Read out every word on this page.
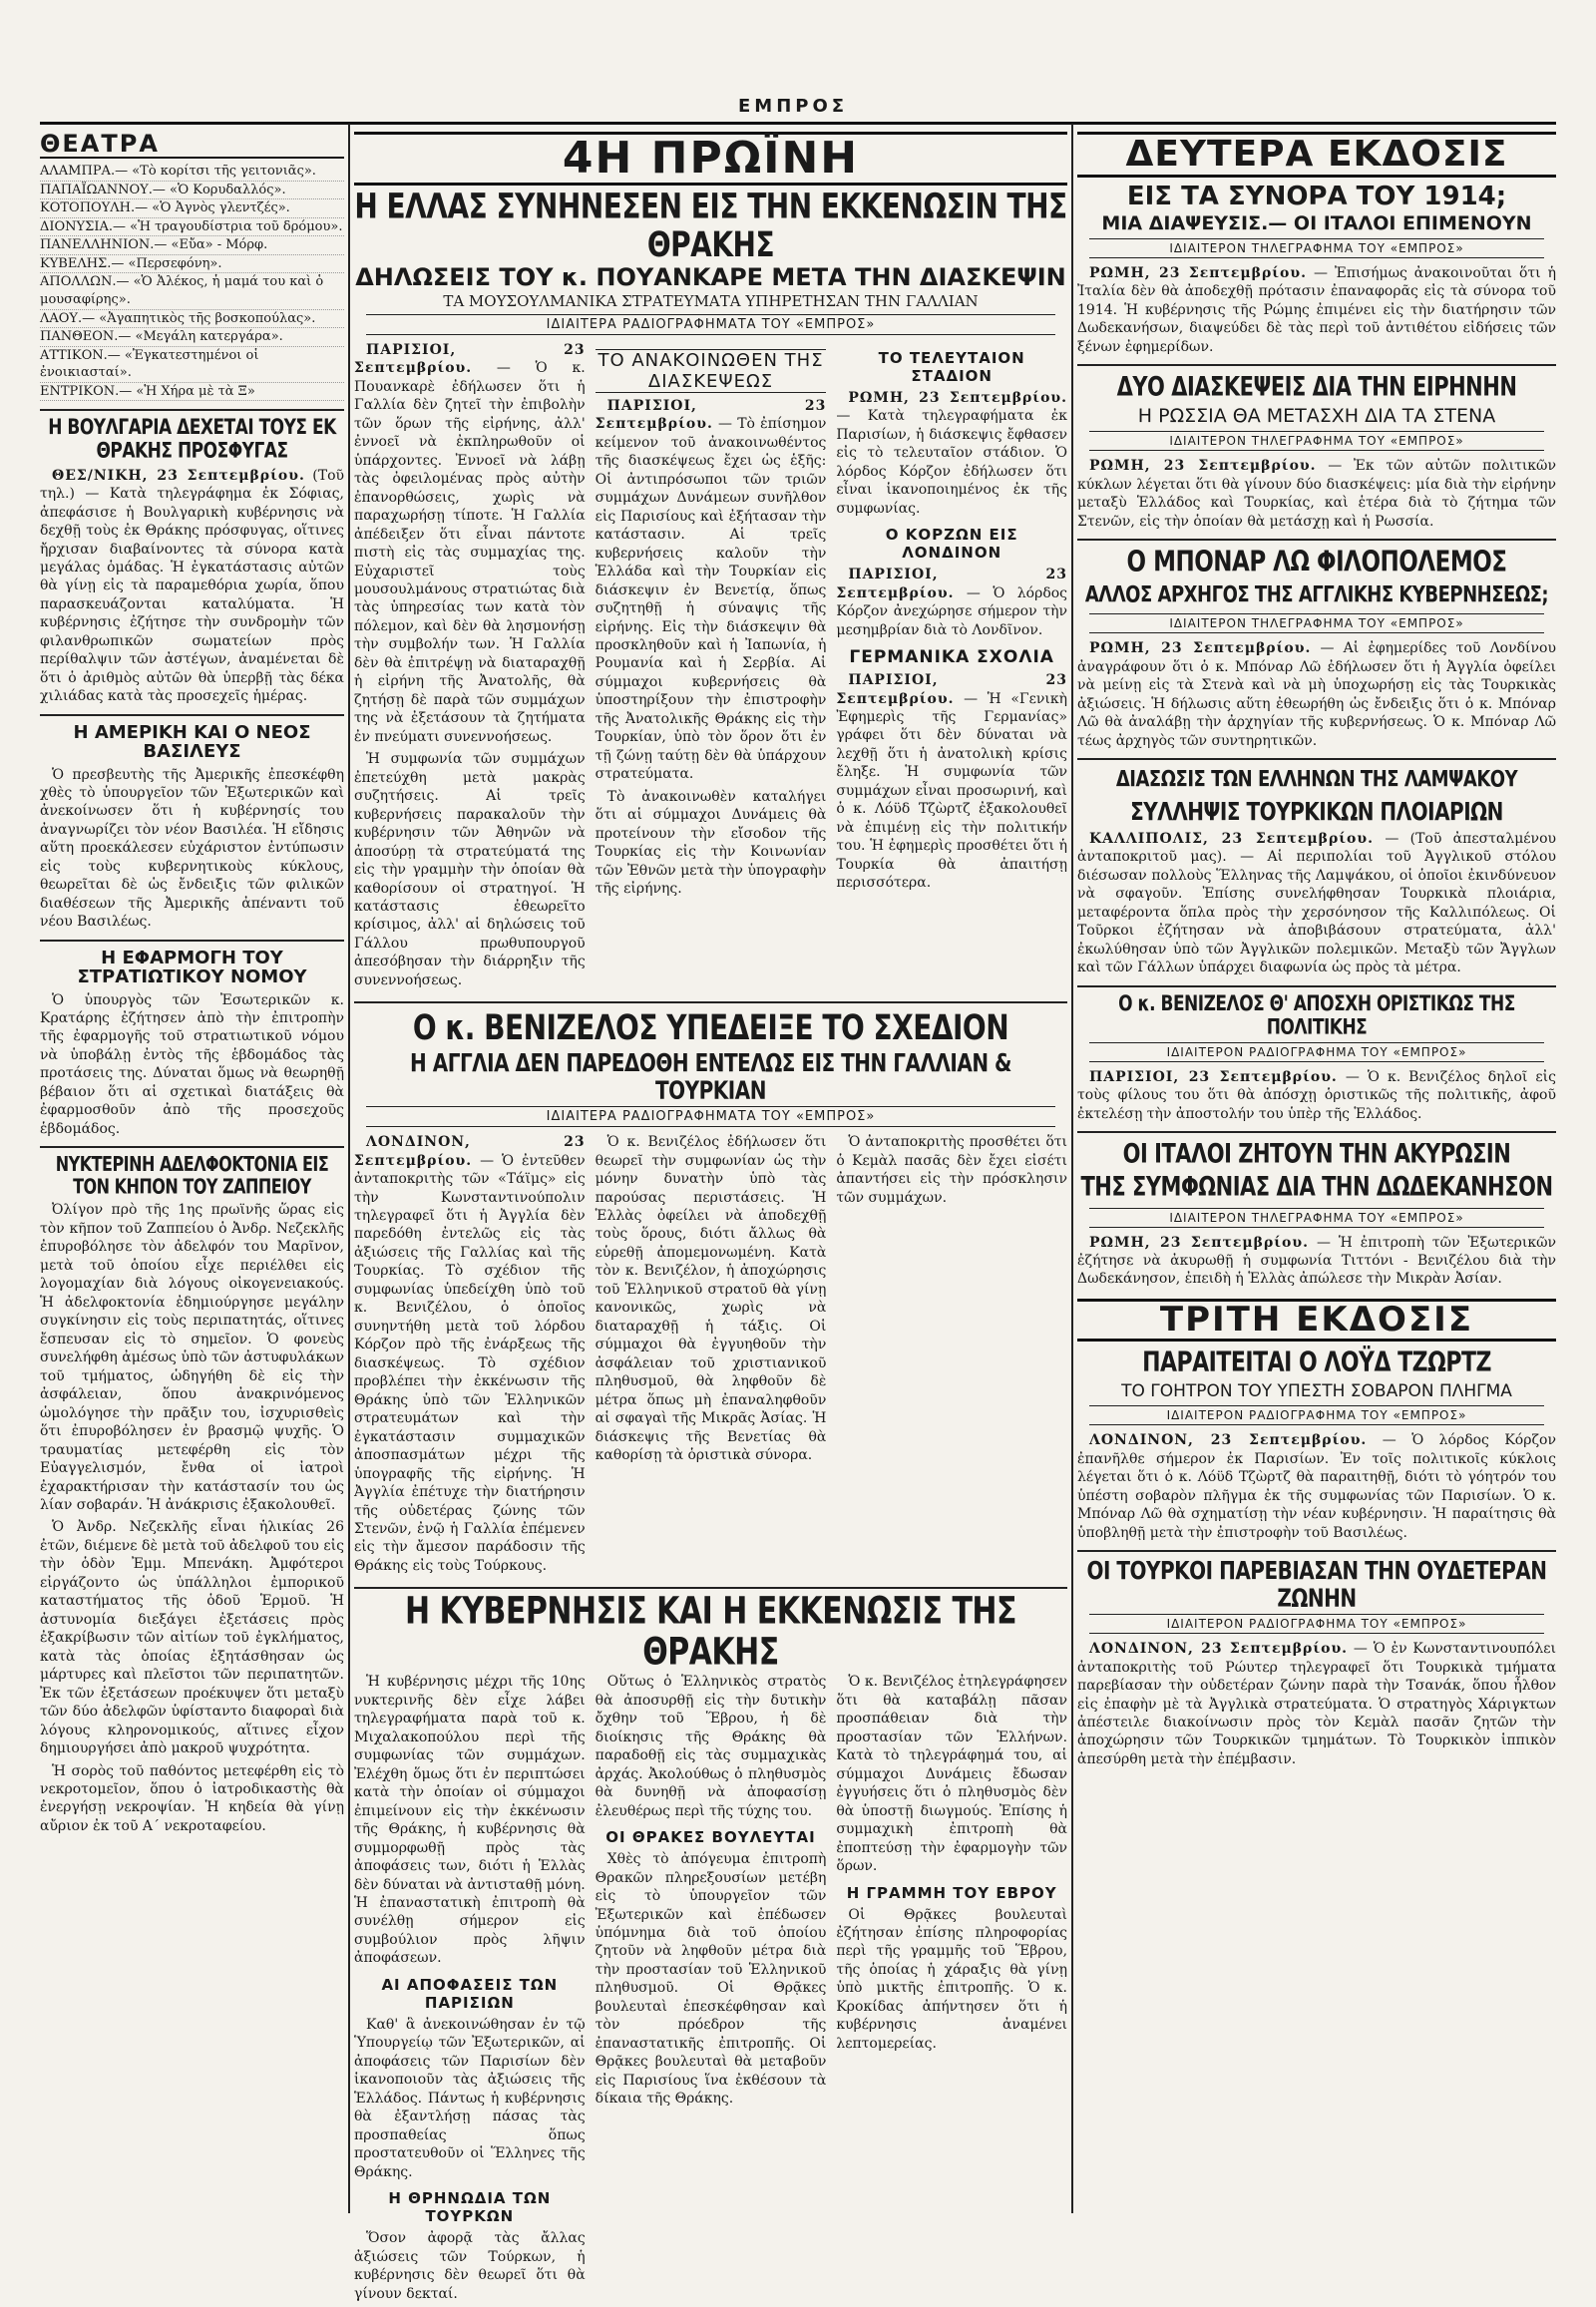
ΕΜΠΡΟΣ
ΘΕΑΤΡΑ
ΑΛΑΜΠΡΑ.— «Τὸ κορίτσι τῆς γειτονιᾶς».
ΠΑΠΑΪΩΑΝΝΟΥ.— «Ὁ Κορυδαλλός».
ΚΟΤΟΠΟΥΛΗ.— «Ὁ Ἀγνὸς γλεντζές».
ΔΙΟΝΥΣΙΑ.— «Ἡ τραγουδίστρια τοῦ δρόμου».
ΠΑΝΕΛΛΗΝΙΟΝ.— «Εὔα» - Μόρφ.
ΚΥΒΕΛΗΣ.— «Περσεφόνη».
ΑΠΟΛΛΩΝ.— «Ὁ Ἀλέκος, ἡ μαμά του καὶ ὁ μουσαφίρης».
ΛΑΟΥ.— «Ἀγαπητικὸς τῆς βοσκοπούλας».
ΠΑΝΘΕΟΝ.— «Μεγάλη κατεργάρα».
ΑΤΤΙΚΟΝ.— «Ἐγκατεστημένοι οἱ ἐνοικιασταί».
ΕΝΤΡΙΚΟΝ.— «Ἡ Χήρα μὲ τὰ Ξ»
Η ΒΟΥΛΓΑΡΙΑ ΔΕΧΕΤΑΙ ΤΟΥΣ ΕΚ ΘΡΑΚΗΣ ΠΡΟΣΦΥΓΑΣ

ΘΕΣ/ΝΙΚΗ, 23 Σεπτεμβρίου. (Τοῦ τηλ.) — Κατὰ τηλεγράφημα ἐκ Σόφιας, ἀπεφάσισε ἡ Βουλγαρικὴ κυβέρνησις νὰ δεχθῇ τοὺς ἐκ Θράκης πρόσφυγας, οἵτινες ἤρχισαν διαβαίνοντες τὰ σύνορα κατὰ μεγάλας ὁμάδας. Ἡ ἐγκατάστασις αὐτῶν θὰ γίνῃ εἰς τὰ παραμεθόρια χωρία, ὅπου παρασκευάζονται καταλύματα. Ἡ κυβέρνησις ἐζήτησε τὴν συνδρομὴν τῶν φιλανθρωπικῶν σωματείων πρὸς περίθαλψιν τῶν ἀστέγων, ἀναμένεται δὲ ὅτι ὁ ἀριθμὸς αὐτῶν θὰ ὑπερβῇ τὰς δέκα χιλιάδας κατὰ τὰς προσεχεῖς ἡμέρας.

Η ΑΜΕΡΙΚΗ ΚΑΙ Ο ΝΕΟΣ ΒΑΣΙΛΕΥΣ

Ὁ πρεσβευτὴς τῆς Ἀμερικῆς ἐπεσκέφθη χθὲς τὸ ὑπουργεῖον τῶν Ἐξωτερικῶν καὶ ἀνεκοίνωσεν ὅτι ἡ κυβέρνησίς του ἀναγνωρίζει τὸν νέον Βασιλέα. Ἡ εἴδησις αὕτη προεκάλεσεν εὐχάριστον ἐντύπωσιν εἰς τοὺς κυβερνητικοὺς κύκλους, θεωρεῖται δὲ ὡς ἔνδειξις τῶν φιλικῶν διαθέσεων τῆς Ἀμερικῆς ἀπέναντι τοῦ νέου Βασιλέως.

Η ΕΦΑΡΜΟΓΗ ΤΟΥ ΣΤΡΑΤΙΩΤΙΚΟΥ ΝΟΜΟΥ

Ὁ ὑπουργὸς τῶν Ἐσωτερικῶν κ. Κρατάρης ἐζήτησεν ἀπὸ τὴν ἐπιτροπὴν τῆς ἐφαρμογῆς τοῦ στρατιωτικοῦ νόμου νὰ ὑποβάλῃ ἐντὸς τῆς ἑβδομάδος τὰς προτάσεις της. Δύναται ὅμως νὰ θεωρηθῇ βέβαιον ὅτι αἱ σχετικαὶ διατάξεις θὰ ἐφαρμοσθοῦν ἀπὸ τῆς προσεχοῦς ἑβδομάδος.

ΝΥΚΤΕΡΙΝΗ ΑΔΕΛΦΟΚΤΟΝΙΑ ΕΙΣ ΤΟΝ ΚΗΠΟΝ ΤΟΥ ΖΑΠΠΕΙΟΥ

Ὀλίγον πρὸ τῆς 1ης πρωϊνῆς ὥρας εἰς τὸν κῆπον τοῦ Ζαππείου ὁ Ἀνδρ. Νεζεκλῆς ἐπυροβόλησε τὸν ἀδελφόν του Μαρῖνον, μετὰ τοῦ ὁποίου εἶχε περιέλθει εἰς λογομαχίαν διὰ λόγους οἰκογενειακούς. Ἡ ἀδελφοκτονία ἐδημιούργησε μεγάλην συγκίνησιν εἰς τοὺς περιπατητάς, οἵτινες ἔσπευσαν εἰς τὸ σημεῖον. Ὁ φονεὺς συνελήφθη ἀμέσως ὑπὸ τῶν ἀστυφυλάκων τοῦ τμήματος, ὡδηγήθη δὲ εἰς τὴν ἀσφάλειαν, ὅπου ἀνακρινόμενος ὡμολόγησε τὴν πρᾶξιν του, ἰσχυρισθεὶς ὅτι ἐπυροβόλησεν ἐν βρασμῷ ψυχῆς. Ὁ τραυματίας μετεφέρθη εἰς τὸν Εὐαγγελισμόν, ἔνθα οἱ ἰατροὶ ἐχαρακτήρισαν τὴν κατάστασίν του ὡς λίαν σοβαράν. Ἡ ἀνάκρισις ἐξακολουθεῖ.

Ὁ Ἀνδρ. Νεζεκλῆς εἶναι ἡλικίας 26 ἐτῶν, διέμενε δὲ μετὰ τοῦ ἀδελφοῦ του εἰς τὴν ὁδὸν Ἐμμ. Μπενάκη. Ἀμφότεροι εἰργάζοντο ὡς ὑπάλληλοι ἐμπορικοῦ καταστήματος τῆς ὁδοῦ Ἑρμοῦ. Ἡ ἀστυνομία διεξάγει ἐξετάσεις πρὸς ἐξακρίβωσιν τῶν αἰτίων τοῦ ἐγκλήματος, κατὰ τὰς ὁποίας ἐξητάσθησαν ὡς μάρτυρες καὶ πλεῖστοι τῶν περιπατητῶν. Ἐκ τῶν ἐξετάσεων προέκυψεν ὅτι μεταξὺ τῶν δύο ἀδελφῶν ὑφίσταντο διαφοραὶ διὰ λόγους κληρονομικούς, αἵτινες εἶχον δημιουργήσει ἀπὸ μακροῦ ψυχρότητα.

Ἡ σορὸς τοῦ παθόντος μετεφέρθη εἰς τὸ νεκροτομεῖον, ὅπου ὁ ἰατροδικαστὴς θὰ ἐνεργήσῃ νεκροψίαν. Ἡ κηδεία θὰ γίνῃ αὔριον ἐκ τοῦ Α΄ νεκροταφείου.

4Η ΠΡΩΪΝΗ
Η ΕΛΛΑΣ ΣΥΝΗΝΕΣΕΝ ΕΙΣ ΤΗΝ ΕΚΚΕΝΩΣΙΝ ΤΗΣ ΘΡΑΚΗΣ
ΔΗΛΩΣΕΙΣ ΤΟΥ κ. ΠΟΥΑΝΚΑΡΕ ΜΕΤΑ ΤΗΝ ΔΙΑΣΚΕΨΙΝ
ΤΑ ΜΟΥΣΟΥΛΜΑΝΙΚΑ ΣΤΡΑΤΕΥΜΑΤΑ ΥΠΗΡΕΤΗΣΑΝ ΤΗΝ ΓΑΛΛΙΑΝ
ΙΔΙΑΙΤΕΡΑ ΡΑΔΙΟΓΡΑΦΗΜΑΤΑ ΤΟΥ «ΕΜΠΡΟΣ»

ΠΑΡΙΣΙΟΙ, 23 Σεπτεμβρίου. — Ὁ κ. Πουανκαρὲ ἐδήλωσεν ὅτι ἡ Γαλλία δὲν ζητεῖ τὴν ἐπιβολὴν τῶν ὅρων τῆς εἰρήνης, ἀλλ' ἐννοεῖ νὰ ἐκπληρωθοῦν οἱ ὑπάρχοντες. Ἐννοεῖ νὰ λάβῃ τὰς ὀφειλομένας πρὸς αὐτὴν ἐπανορθώσεις, χωρὶς νὰ παραχωρήσῃ τίποτε. Ἡ Γαλλία ἀπέδειξεν ὅτι εἶναι πάντοτε πιστὴ εἰς τὰς συμμαχίας της. Εὐχαριστεῖ τοὺς μουσουλμάνους στρατιώτας διὰ τὰς ὑπηρεσίας των κατὰ τὸν πόλεμον, καὶ δὲν θὰ λησμονήσῃ τὴν συμβολήν των. Ἡ Γαλλία δὲν θὰ ἐπιτρέψῃ νὰ διαταραχθῇ ἡ εἰρήνη τῆς Ἀνατολῆς, θὰ ζητήσῃ δὲ παρὰ τῶν συμμάχων της νὰ ἐξετάσουν τὰ ζητήματα ἐν πνεύματι συνεννοήσεως.

Ἡ συμφωνία τῶν συμμάχων ἐπετεύχθη μετὰ μακρὰς συζητήσεις. Αἱ τρεῖς κυβερνήσεις παρακαλοῦν τὴν κυβέρνησιν τῶν Ἀθηνῶν νὰ ἀποσύρῃ τὰ στρατεύματά της εἰς τὴν γραμμὴν τὴν ὁποίαν θὰ καθορίσουν οἱ στρατηγοί. Ἡ κατάστασις ἐθεωρεῖτο κρίσιμος, ἀλλ' αἱ δηλώσεις τοῦ Γάλλου πρωθυπουργοῦ ἀπεσόβησαν τὴν διάρρηξιν τῆς συνεννοήσεως.

ΤΟ ΑΝΑΚΟΙΝΩΘΕΝ ΤΗΣ ΔΙΑΣΚΕΨΕΩΣ

ΠΑΡΙΣΙΟΙ, 23 Σεπτεμβρίου. — Τὸ ἐπίσημον κείμενον τοῦ ἀνακοινωθέντος τῆς διασκέψεως ἔχει ὡς ἑξῆς: Οἱ ἀντιπρόσωποι τῶν τριῶν συμμάχων Δυνάμεων συνῆλθον εἰς Παρισίους καὶ ἐξήτασαν τὴν κατάστασιν. Αἱ τρεῖς κυβερνήσεις καλοῦν τὴν Ἑλλάδα καὶ τὴν Τουρκίαν εἰς διάσκεψιν ἐν Βενετίᾳ, ὅπως συζητηθῇ ἡ σύναψις τῆς εἰρήνης. Εἰς τὴν διάσκεψιν θὰ προσκληθοῦν καὶ ἡ Ἰαπωνία, ἡ Ρουμανία καὶ ἡ Σερβία. Αἱ σύμμαχοι κυβερνήσεις θὰ ὑποστηρίξουν τὴν ἐπιστροφὴν τῆς Ἀνατολικῆς Θράκης εἰς τὴν Τουρκίαν, ὑπὸ τὸν ὅρον ὅτι ἐν τῇ ζώνῃ ταύτῃ δὲν θὰ ὑπάρχουν στρατεύματα.

Τὸ ἀνακοινωθὲν καταλήγει ὅτι αἱ σύμμαχοι Δυνάμεις θὰ προτείνουν τὴν εἴσοδον τῆς Τουρκίας εἰς τὴν Κοινωνίαν τῶν Ἐθνῶν μετὰ τὴν ὑπογραφὴν τῆς εἰρήνης.

ΤΟ ΤΕΛΕΥΤΑΙΟΝ ΣΤΑΔΙΟΝ

ΡΩΜΗ, 23 Σεπτεμβρίου. — Κατὰ τηλεγραφήματα ἐκ Παρισίων, ἡ διάσκεψις ἔφθασεν εἰς τὸ τελευταῖον στάδιον. Ὁ λόρδος Κόρζον ἐδήλωσεν ὅτι εἶναι ἱκανοποιημένος ἐκ τῆς συμφωνίας.

Ο ΚΟΡΖΩΝ ΕΙΣ ΛΟΝΔΙΝΟΝ

ΠΑΡΙΣΙΟΙ, 23 Σεπτεμβρίου. — Ὁ λόρδος Κόρζον ἀνεχώρησε σήμερον τὴν μεσημβρίαν διὰ τὸ Λονδῖνον.

ΓΕΡΜΑΝΙΚΑ ΣΧΟΛΙΑ

ΠΑΡΙΣΙΟΙ, 23 Σεπτεμβρίου. — Ἡ «Γενικὴ Ἐφημερὶς τῆς Γερμανίας» γράφει ὅτι δὲν δύναται νὰ λεχθῇ ὅτι ἡ ἀνατολικὴ κρίσις ἔληξε. Ἡ συμφωνία τῶν συμμάχων εἶναι προσωρινή, καὶ ὁ κ. Λόϋδ Τζὼρτζ ἐξακολουθεῖ νὰ ἐπιμένῃ εἰς τὴν πολιτικήν του. Ἡ ἐφημερὶς προσθέτει ὅτι ἡ Τουρκία θὰ ἀπαιτήσῃ περισσότερα.

Ο κ. ΒΕΝΙΖΕΛΟΣ ΥΠΕΔΕΙΞΕ ΤΟ ΣΧΕΔΙΟΝ
Η ΑΓΓΛΙΑ ΔΕΝ ΠΑΡΕΔΟΘΗ ΕΝΤΕΛΩΣ ΕΙΣ ΤΗΝ ΓΑΛΛΙΑΝ & ΤΟΥΡΚΙΑΝ
ΙΔΙΑΙΤΕΡΑ ΡΑΔΙΟΓΡΑΦΗΜΑΤΑ ΤΟΥ «ΕΜΠΡΟΣ»

ΛΟΝΔΙΝΟΝ, 23 Σεπτεμβρίου. — Ὁ ἐντεῦθεν ἀνταποκριτὴς τῶν «Τάϊμς» εἰς τὴν Κωνσταντινούπολιν τηλεγραφεῖ ὅτι ἡ Ἀγγλία δὲν παρεδόθη ἐντελῶς εἰς τὰς ἀξιώσεις τῆς Γαλλίας καὶ τῆς Τουρκίας. Τὸ σχέδιον τῆς συμφωνίας ὑπεδείχθη ὑπὸ τοῦ κ. Βενιζέλου, ὁ ὁποῖος συνηντήθη μετὰ τοῦ λόρδου Κόρζον πρὸ τῆς ἐνάρξεως τῆς διασκέψεως. Τὸ σχέδιον προβλέπει τὴν ἐκκένωσιν τῆς Θράκης ὑπὸ τῶν Ἑλληνικῶν στρατευμάτων καὶ τὴν ἐγκατάστασιν συμμαχικῶν ἀποσπασμάτων μέχρι τῆς ὑπογραφῆς τῆς εἰρήνης. Ἡ Ἀγγλία ἐπέτυχε τὴν διατήρησιν τῆς οὐδετέρας ζώνης τῶν Στενῶν, ἐνῷ ἡ Γαλλία ἐπέμενεν εἰς τὴν ἄμεσον παράδοσιν τῆς Θράκης εἰς τοὺς Τούρκους.

Ὁ κ. Βενιζέλος ἐδήλωσεν ὅτι θεωρεῖ τὴν συμφωνίαν ὡς τὴν μόνην δυνατὴν ὑπὸ τὰς παρούσας περιστάσεις. Ἡ Ἑλλὰς ὀφείλει νὰ ἀποδεχθῇ τοὺς ὅρους, διότι ἄλλως θὰ εὑρεθῇ ἀπομεμονωμένη. Κατὰ τὸν κ. Βενιζέλον, ἡ ἀποχώρησις τοῦ Ἑλληνικοῦ στρατοῦ θὰ γίνῃ κανονικῶς, χωρὶς νὰ διαταραχθῇ ἡ τάξις. Οἱ σύμμαχοι θὰ ἐγγυηθοῦν τὴν ἀσφάλειαν τοῦ χριστιανικοῦ πληθυσμοῦ, θὰ ληφθοῦν δὲ μέτρα ὅπως μὴ ἐπαναληφθοῦν αἱ σφαγαὶ τῆς Μικρᾶς Ἀσίας. Ἡ διάσκεψις τῆς Βενετίας θὰ καθορίσῃ τὰ ὁριστικὰ σύνορα.

Ὁ ἀνταποκριτὴς προσθέτει ὅτι ὁ Κεμὰλ πασᾶς δὲν ἔχει εἰσέτι ἀπαντήσει εἰς τὴν πρόσκλησιν τῶν συμμάχων.

Η ΚΥΒΕΡΝΗΣΙΣ ΚΑΙ Η ΕΚΚΕΝΩΣΙΣ ΤΗΣ ΘΡΑΚΗΣ

Ἡ κυβέρνησις μέχρι τῆς 10ης νυκτερινῆς δὲν εἶχε λάβει τηλεγραφήματα παρὰ τοῦ κ. Μιχαλακοπούλου περὶ τῆς συμφωνίας τῶν συμμάχων. Ἐλέχθη ὅμως ὅτι ἐν περιπτώσει κατὰ τὴν ὁποίαν οἱ σύμμαχοι ἐπιμείνουν εἰς τὴν ἐκκένωσιν τῆς Θράκης, ἡ κυβέρνησις θὰ συμμορφωθῇ πρὸς τὰς ἀποφάσεις των, διότι ἡ Ἑλλὰς δὲν δύναται νὰ ἀντισταθῇ μόνη. Ἡ ἐπαναστατικὴ ἐπιτροπὴ θὰ συνέλθῃ σήμερον εἰς συμβούλιον πρὸς λῆψιν ἀποφάσεων.

ΑΙ ΑΠΟΦΑΣΕΙΣ ΤΩΝ ΠΑΡΙΣΙΩΝ

Καθ' ἃ ἀνεκοινώθησαν ἐν τῷ Ὑπουργείῳ τῶν Ἐξωτερικῶν, αἱ ἀποφάσεις τῶν Παρισίων δὲν ἱκανοποιοῦν τὰς ἀξιώσεις τῆς Ἑλλάδος. Πάντως ἡ κυβέρνησις θὰ ἐξαντλήσῃ πάσας τὰς προσπαθείας ὅπως προστατευθοῦν οἱ Ἕλληνες τῆς Θράκης.

Η ΘΡΗΝΩΔΙΑ ΤΩΝ ΤΟΥΡΚΩΝ

Ὅσον ἀφορᾷ τὰς ἄλλας ἀξιώσεις τῶν Τούρκων, ἡ κυβέρνησις δὲν θεωρεῖ ὅτι θὰ γίνουν δεκταί.

Οὕτως ὁ Ἑλληνικὸς στρατὸς θὰ ἀποσυρθῇ εἰς τὴν δυτικὴν ὄχθην τοῦ Ἕβρου, ἡ δὲ διοίκησις τῆς Θράκης θὰ παραδοθῇ εἰς τὰς συμμαχικὰς ἀρχάς. Ἀκολούθως ὁ πληθυσμὸς θὰ δυνηθῇ νὰ ἀποφασίσῃ ἐλευθέρως περὶ τῆς τύχης του.

ΟΙ ΘΡΑΚΕΣ ΒΟΥΛΕΥΤΑΙ

Χθὲς τὸ ἀπόγευμα ἐπιτροπὴ Θρακῶν πληρεξουσίων μετέβη εἰς τὸ ὑπουργεῖον τῶν Ἐξωτερικῶν καὶ ἐπέδωσεν ὑπόμνημα διὰ τοῦ ὁποίου ζητοῦν νὰ ληφθοῦν μέτρα διὰ τὴν προστασίαν τοῦ Ἑλληνικοῦ πληθυσμοῦ. Οἱ Θρᾷκες βουλευταὶ ἐπεσκέφθησαν καὶ τὸν πρόεδρον τῆς ἐπαναστατικῆς ἐπιτροπῆς. Οἱ Θρᾷκες βουλευταὶ θὰ μεταβοῦν εἰς Παρισίους ἵνα ἐκθέσουν τὰ δίκαια τῆς Θράκης.

Ὁ κ. Βενιζέλος ἐτηλεγράφησεν ὅτι θὰ καταβάλῃ πᾶσαν προσπάθειαν διὰ τὴν προστασίαν τῶν Ἑλλήνων. Κατὰ τὸ τηλεγράφημά του, αἱ σύμμαχοι Δυνάμεις ἔδωσαν ἐγγυήσεις ὅτι ὁ πληθυσμὸς δὲν θὰ ὑποστῇ διωγμούς. Ἐπίσης ἡ συμμαχικὴ ἐπιτροπὴ θὰ ἐποπτεύσῃ τὴν ἐφαρμογὴν τῶν ὅρων.

Η ΓΡΑΜΜΗ ΤΟΥ ΕΒΡΟΥ

Οἱ Θρᾷκες βουλευταὶ ἐζήτησαν ἐπίσης πληροφορίας περὶ τῆς γραμμῆς τοῦ Ἕβρου, τῆς ὁποίας ἡ χάραξις θὰ γίνῃ ὑπὸ μικτῆς ἐπιτροπῆς. Ὁ κ. Κροκίδας ἀπήντησεν ὅτι ἡ κυβέρνησις ἀναμένει λεπτομερείας.

ΔΕΥΤΕΡΑ ΕΚΔΟΣΙΣ
ΕΙΣ ΤΑ ΣΥΝΟΡΑ ΤΟΥ 1914;
ΜΙΑ ΔΙΑΨΕΥΣΙΣ.— ΟΙ ΙΤΑΛΟΙ ΕΠΙΜΕΝΟΥΝ
ΙΔΙΑΙΤΕΡΟΝ ΤΗΛΕΓΡΑΦΗΜΑ ΤΟΥ «ΕΜΠΡΟΣ»

ΡΩΜΗ, 23 Σεπτεμβρίου. — Ἐπισήμως ἀνακοινοῦται ὅτι ἡ Ἰταλία δὲν θὰ ἀποδεχθῇ πρότασιν ἐπαναφορᾶς εἰς τὰ σύνορα τοῦ 1914. Ἡ κυβέρνησις τῆς Ρώμης ἐπιμένει εἰς τὴν διατήρησιν τῶν Δωδεκανήσων, διαψεύδει δὲ τὰς περὶ τοῦ ἀντιθέτου εἰδήσεις τῶν ξένων ἐφημερίδων.

ΔΥΟ ΔΙΑΣΚΕΨΕΙΣ ΔΙΑ ΤΗΝ ΕΙΡΗΝΗΝ
Η ΡΩΣΣΙΑ ΘΑ ΜΕΤΑΣΧΗ ΔΙΑ ΤΑ ΣΤΕΝΑ
ΙΔΙΑΙΤΕΡΟΝ ΤΗΛΕΓΡΑΦΗΜΑ ΤΟΥ «ΕΜΠΡΟΣ»

ΡΩΜΗ, 23 Σεπτεμβρίου. — Ἐκ τῶν αὐτῶν πολιτικῶν κύκλων λέγεται ὅτι θὰ γίνουν δύο διασκέψεις: μία διὰ τὴν εἰρήνην μεταξὺ Ἑλλάδος καὶ Τουρκίας, καὶ ἑτέρα διὰ τὸ ζήτημα τῶν Στενῶν, εἰς τὴν ὁποίαν θὰ μετάσχῃ καὶ ἡ Ρωσσία.

Ο ΜΠΟΝΑΡ ΛΩ ΦΙΛΟΠΟΛΕΜΟΣ
ΑΛΛΟΣ ΑΡΧΗΓΟΣ ΤΗΣ ΑΓΓΛΙΚΗΣ ΚΥΒΕΡΝΗΣΕΩΣ;
ΙΔΙΑΙΤΕΡΟΝ ΤΗΛΕΓΡΑΦΗΜΑ ΤΟΥ «ΕΜΠΡΟΣ»

ΡΩΜΗ, 23 Σεπτεμβρίου. — Αἱ ἐφημερίδες τοῦ Λονδίνου ἀναγράφουν ὅτι ὁ κ. Μπόναρ Λῶ ἐδήλωσεν ὅτι ἡ Ἀγγλία ὀφείλει νὰ μείνῃ εἰς τὰ Στενὰ καὶ νὰ μὴ ὑποχωρήσῃ εἰς τὰς Τουρκικὰς ἀξιώσεις. Ἡ δήλωσις αὕτη ἐθεωρήθη ὡς ἔνδειξις ὅτι ὁ κ. Μπόναρ Λῶ θὰ ἀναλάβῃ τὴν ἀρχηγίαν τῆς κυβερνήσεως. Ὁ κ. Μπόναρ Λῶ τέως ἀρχηγὸς τῶν συντηρητικῶν.

ΔΙΑΣΩΣΙΣ ΤΩΝ ΕΛΛΗΝΩΝ ΤΗΣ ΛΑΜΨΑΚΟΥ
ΣΥΛΛΗΨΙΣ ΤΟΥΡΚΙΚΩΝ ΠΛΟΙΑΡΙΩΝ

ΚΑΛΛΙΠΟΛΙΣ, 23 Σεπτεμβρίου. — (Τοῦ ἀπεσταλμένου ἀνταποκριτοῦ μας). — Αἱ περιπολίαι τοῦ Ἀγγλικοῦ στόλου διέσωσαν πολλοὺς Ἕλληνας τῆς Λαμψάκου, οἱ ὁποῖοι ἐκινδύνευον νὰ σφαγοῦν. Ἐπίσης συνελήφθησαν Τουρκικὰ πλοιάρια, μεταφέροντα ὅπλα πρὸς τὴν χερσόνησον τῆς Καλλιπόλεως. Οἱ Τοῦρκοι ἐζήτησαν νὰ ἀποβιβάσουν στρατεύματα, ἀλλ' ἐκωλύθησαν ὑπὸ τῶν Ἀγγλικῶν πολεμικῶν. Μεταξὺ τῶν Ἄγγλων καὶ τῶν Γάλλων ὑπάρχει διαφωνία ὡς πρὸς τὰ μέτρα.

Ο κ. ΒΕΝΙΖΕΛΟΣ Θ' ΑΠΟΣΧΗ ΟΡΙΣΤΙΚΩΣ ΤΗΣ ΠΟΛΙΤΙΚΗΣ
ΙΔΙΑΙΤΕΡΟΝ ΡΑΔΙΟΓΡΑΦΗΜΑ ΤΟΥ «ΕΜΠΡΟΣ»

ΠΑΡΙΣΙΟΙ, 23 Σεπτεμβρίου. — Ὁ κ. Βενιζέλος δηλοῖ εἰς τοὺς φίλους του ὅτι θὰ ἀπόσχῃ ὁριστικῶς τῆς πολιτικῆς, ἀφοῦ ἐκτελέσῃ τὴν ἀποστολήν του ὑπὲρ τῆς Ἑλλάδος.

ΟΙ ΙΤΑΛΟΙ ΖΗΤΟΥΝ ΤΗΝ ΑΚΥΡΩΣΙΝ
ΤΗΣ ΣΥΜΦΩΝΙΑΣ ΔΙΑ ΤΗΝ ΔΩΔΕΚΑΝΗΣΟΝ
ΙΔΙΑΙΤΕΡΟΝ ΤΗΛΕΓΡΑΦΗΜΑ ΤΟΥ «ΕΜΠΡΟΣ»

ΡΩΜΗ, 23 Σεπτεμβρίου. — Ἡ ἐπιτροπὴ τῶν Ἐξωτερικῶν ἐζήτησε νὰ ἀκυρωθῇ ἡ συμφωνία Τιττόνι - Βενιζέλου διὰ τὴν Δωδεκάνησον, ἐπειδὴ ἡ Ἑλλὰς ἀπώλεσε τὴν Μικρὰν Ἀσίαν.

ΤΡΙΤΗ ΕΚΔΟΣΙΣ
ΠΑΡΑΙΤΕΙΤΑΙ Ο ΛΟΫΔ ΤΖΩΡΤΖ
ΤΟ ΓΟΗΤΡΟΝ ΤΟΥ ΥΠΕΣΤΗ ΣΟΒΑΡΟΝ ΠΛΗΓΜΑ
ΙΔΙΑΙΤΕΡΟΝ ΡΑΔΙΟΓΡΑΦΗΜΑ ΤΟΥ «ΕΜΠΡΟΣ»

ΛΟΝΔΙΝΟΝ, 23 Σεπτεμβρίου. — Ὁ λόρδος Κόρζον ἐπανῆλθε σήμερον ἐκ Παρισίων. Ἐν τοῖς πολιτικοῖς κύκλοις λέγεται ὅτι ὁ κ. Λόϋδ Τζὼρτζ θὰ παραιτηθῇ, διότι τὸ γόητρόν του ὑπέστη σοβαρὸν πλῆγμα ἐκ τῆς συμφωνίας τῶν Παρισίων. Ὁ κ. Μπόναρ Λῶ θὰ σχηματίσῃ τὴν νέαν κυβέρνησιν. Ἡ παραίτησις θὰ ὑποβληθῇ μετὰ τὴν ἐπιστροφὴν τοῦ Βασιλέως.

ΟΙ ΤΟΥΡΚΟΙ ΠΑΡΕΒΙΑΣΑΝ ΤΗΝ ΟΥΔΕΤΕΡΑΝ ΖΩΝΗΝ
ΙΔΙΑΙΤΕΡΟΝ ΡΑΔΙΟΓΡΑΦΗΜΑ ΤΟΥ «ΕΜΠΡΟΣ»

ΛΟΝΔΙΝΟΝ, 23 Σεπτεμβρίου. — Ὁ ἐν Κωνσταντινουπόλει ἀνταποκριτὴς τοῦ Ρώυτερ τηλεγραφεῖ ὅτι Τουρκικὰ τμήματα παρεβίασαν τὴν οὐδετέραν ζώνην παρὰ τὴν Τσανάκ, ὅπου ἦλθον εἰς ἐπαφὴν μὲ τὰ Ἀγγλικὰ στρατεύματα. Ὁ στρατηγὸς Χάριγκτων ἀπέστειλε διακοίνωσιν πρὸς τὸν Κεμὰλ πασᾶν ζητῶν τὴν ἀποχώρησιν τῶν Τουρκικῶν τμημάτων. Τὸ Τουρκικὸν ἱππικὸν ἀπεσύρθη μετὰ τὴν ἐπέμβασιν.
